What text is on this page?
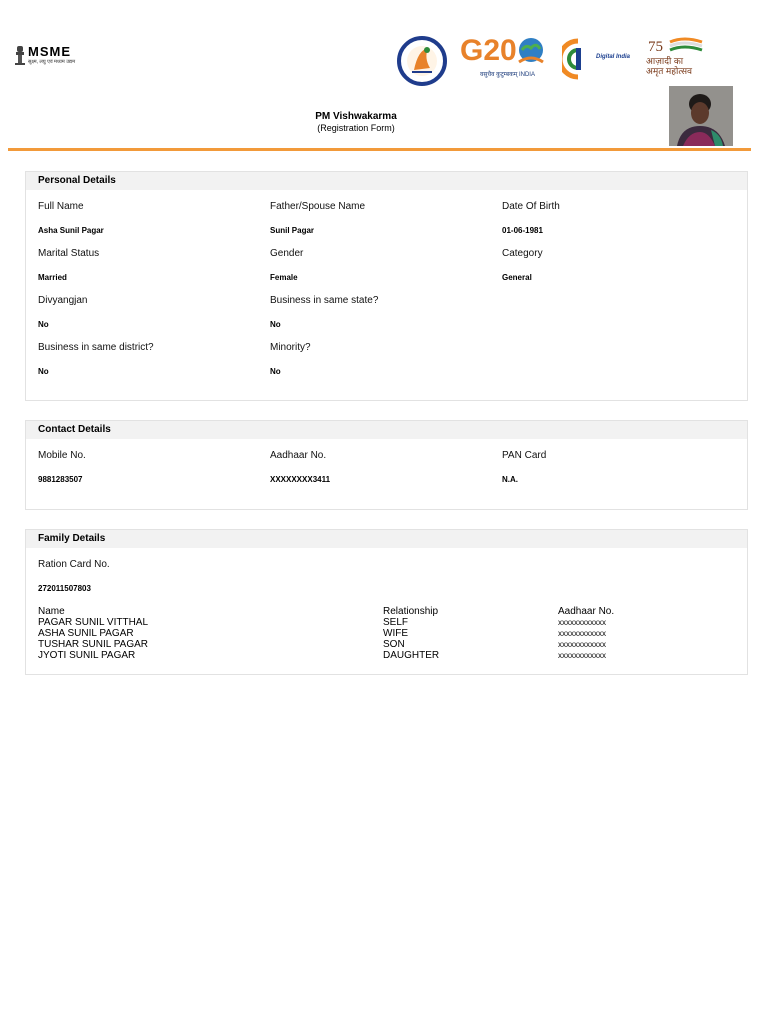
MSME
सूक्ष्म, लघु एवं मध्यम उद्यम	G20
वसुधैव कुटुम्बकम् INDIA
Digital India
75
आज़ादी का
अमृत महोत्सव
PM Vishwakarma
(Registration Form)
Personal Details
Full Name
Asha Sunil Pagar
Father/Spouse Name
Sunil Pagar
Date Of Birth
01-06-1981
Marital Status
Married
Gender
Female
Category
General
Divyangjan
No
Business in same state?
No
Business in same district?
No
Minority?
No
Contact Details
Mobile No.
9881283507
Aadhaar No.
XXXXXXXX3411
PAN Card
N.A.
Family Details
Ration Card No.
272011507803
Name	Relationship	Aadhaar No.
PAGAR SUNIL VITTHAL	SELF	xxxxxxxxxxxx
ASHA SUNIL PAGAR	WIFE	xxxxxxxxxxxx
TUSHAR SUNIL PAGAR	SON	xxxxxxxxxxxx
JYOTI SUNIL PAGAR	DAUGHTER	xxxxxxxxxxxx
